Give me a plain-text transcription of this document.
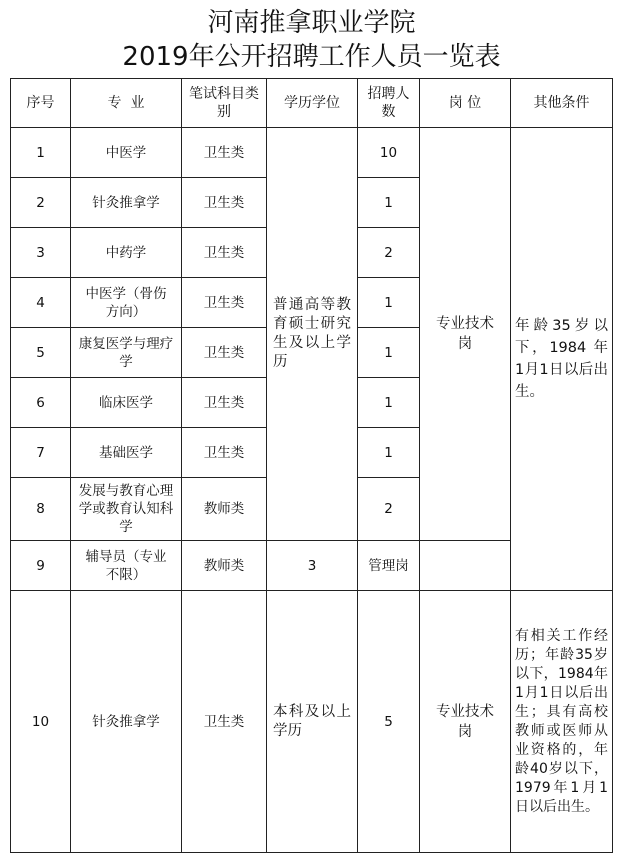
河南推拿职业学院
2019年公开招聘工作人员一览表
序号	专  业	笔试科目类别	学历学位	招聘人数	岗 位	其他条件
1	中医学	卫生类	普通高等教育硕士研究生及以上学历	10	专业技术岗	年龄35岁以下，1984 年1月1日以后出生。
2	针灸推拿学	卫生类		1		
3	中药学	卫生类		2		
4	中医学（骨伤方向）	卫生类		1		
5	康复医学与理疗学	卫生类		1		
6	临床医学	卫生类		1		
7	基础医学	卫生类		1		
8	发展与教育心理学或教育认知科学	教师类		2		
9	辅导员（专业不限）	教师类	3	管理岗		
10	针灸推拿学	卫生类	本科及以上学历	5	专业技术岗	有相关工作经历；年龄35岁以下，1984年1月1日以后出生；具有高校教师或医师从业资格的，年龄40岁以下，1979年1月1日以后出生。
